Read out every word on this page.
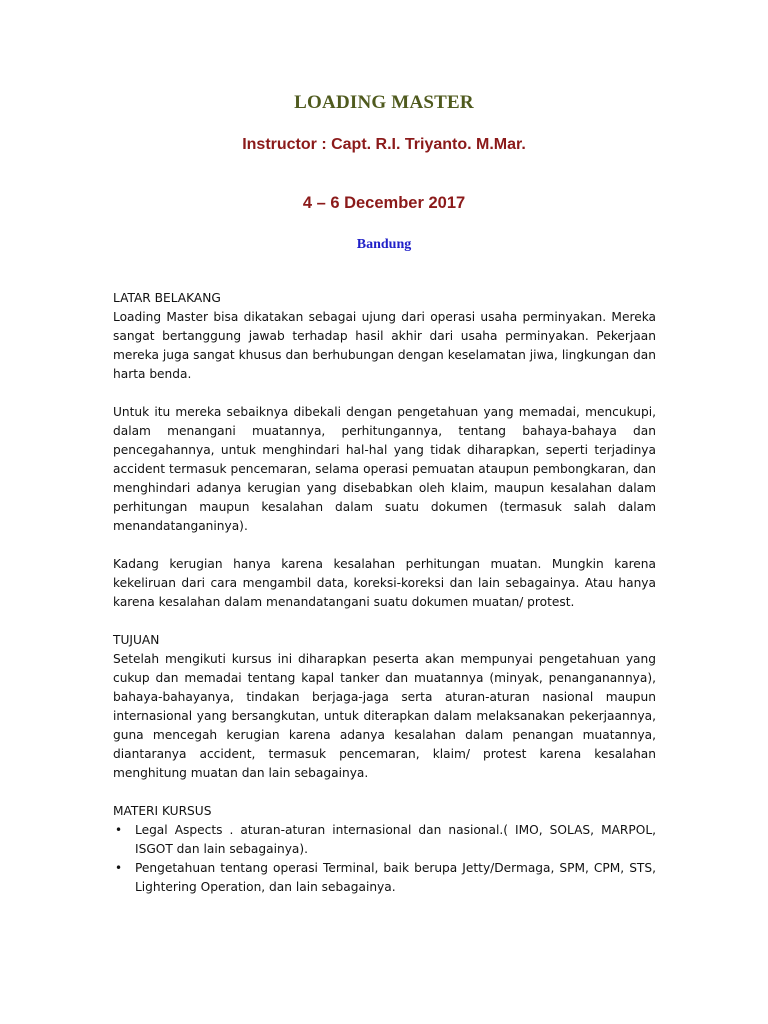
LOADING MASTER
Instructor : Capt. R.I. Triyanto. M.Mar.
4 – 6 December 2017
Bandung
LATAR BELAKANG

Loading Master bisa dikatakan sebagai ujung dari operasi usaha perminyakan. Mereka sangat bertanggung jawab terhadap hasil akhir dari usaha perminyakan. Pekerjaan mereka juga sangat khusus dan berhubungan dengan keselamatan jiwa, lingkungan dan harta benda.

Untuk itu mereka sebaiknya dibekali dengan pengetahuan yang memadai, mencukupi, dalam menangani muatannya, perhitungannya, tentang bahaya-bahaya dan pencegahannya, untuk menghindari hal-hal yang tidak diharapkan, seperti terjadinya accident termasuk pencemaran, selama operasi pemuatan ataupun pembongkaran, dan menghindari adanya kerugian yang disebabkan oleh klaim, maupun kesalahan dalam perhitungan maupun kesalahan dalam suatu dokumen (termasuk salah dalam menandatanganinya).

Kadang kerugian hanya karena kesalahan perhitungan muatan. Mungkin karena kekeliruan dari cara mengambil data, koreksi-koreksi dan lain sebagainya. Atau hanya karena kesalahan dalam menandatangani suatu dokumen muatan/ protest.

TUJUAN

Setelah mengikuti kursus ini diharapkan peserta akan mempunyai pengetahuan yang cukup dan memadai tentang kapal tanker dan muatannya (minyak, penanganannya), bahaya-bahayanya, tindakan berjaga-jaga serta aturan-aturan nasional maupun internasional yang bersangkutan, untuk diterapkan dalam melaksanakan pekerjaannya, guna mencegah kerugian karena adanya kesalahan dalam penangan muatannya, diantaranya accident, termasuk pencemaran, klaim/ protest karena kesalahan menghitung muatan dan lain sebagainya.

MATERI KURSUS
• Legal Aspects . aturan-aturan internasional dan nasional.( IMO, SOLAS, MARPOL, ISGOT dan lain sebagainya).
• Pengetahuan tentang operasi Terminal, baik berupa Jetty/Dermaga, SPM, CPM, STS, Lightering Operation, dan lain sebagainya.
